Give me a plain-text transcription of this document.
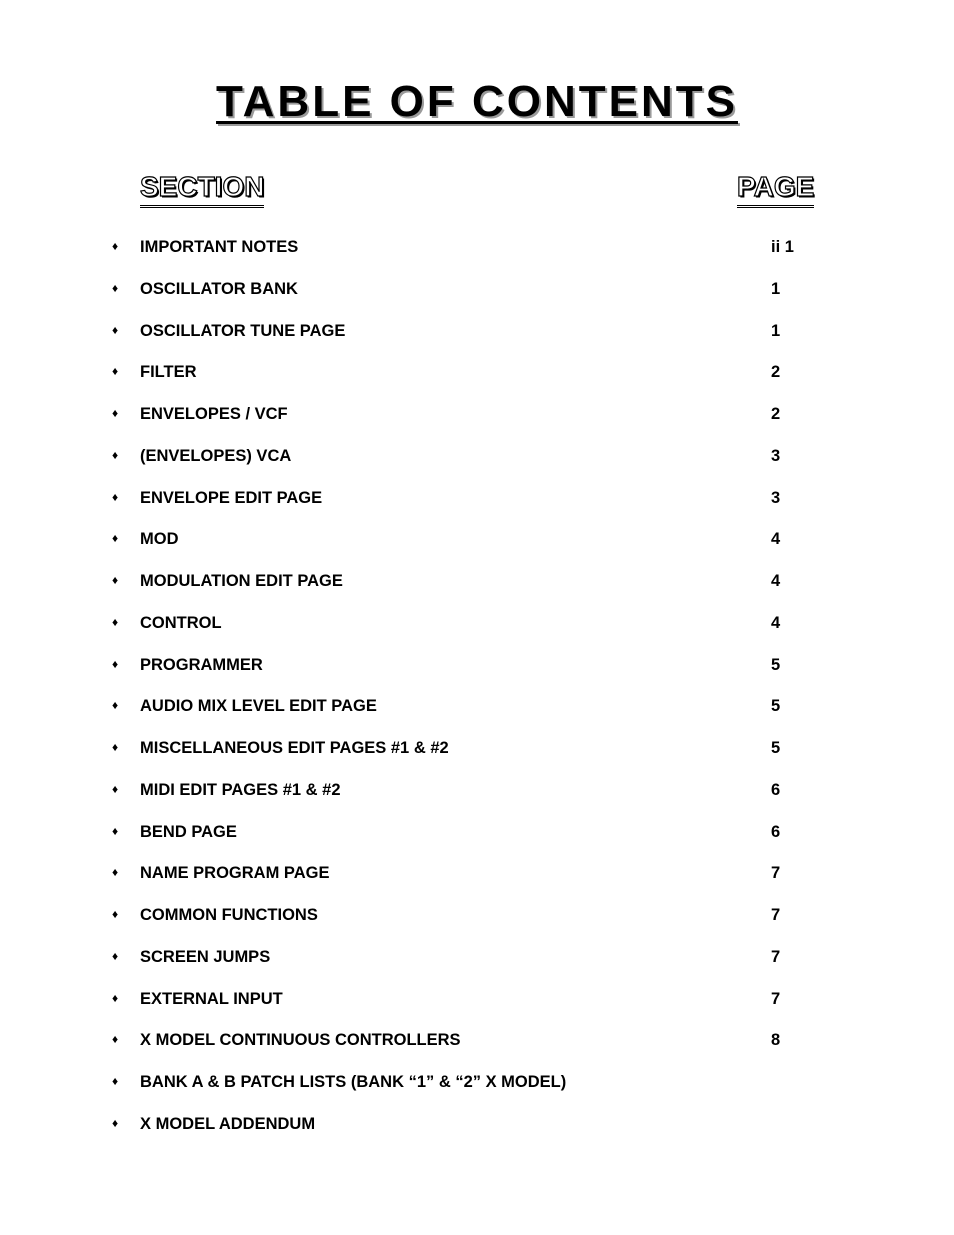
TABLE OF CONTENTS
SECTION	PAGE
♦ IMPORTANT NOTES	ii 1
♦ OSCILLATOR BANK	1
♦ OSCILLATOR TUNE PAGE	1
♦ FILTER	2
♦ ENVELOPES / VCF	2
♦ (ENVELOPES) VCA	3
♦ ENVELOPE EDIT PAGE	3
♦ MOD	4
♦ MODULATION EDIT PAGE	4
♦ CONTROL	4
♦ PROGRAMMER	5
♦ AUDIO MIX LEVEL EDIT PAGE	5
♦ MISCELLANEOUS EDIT PAGES #1 & #2	5
♦ MIDI EDIT PAGES #1 & #2	6
♦ BEND PAGE	6
♦ NAME PROGRAM PAGE	7
♦ COMMON FUNCTIONS	7
♦ SCREEN JUMPS	7
♦ EXTERNAL INPUT	7
♦ X MODEL CONTINUOUS CONTROLLERS	8
♦ BANK A & B PATCH LISTS (BANK “1” & “2” X MODEL)
♦ X MODEL ADDENDUM
